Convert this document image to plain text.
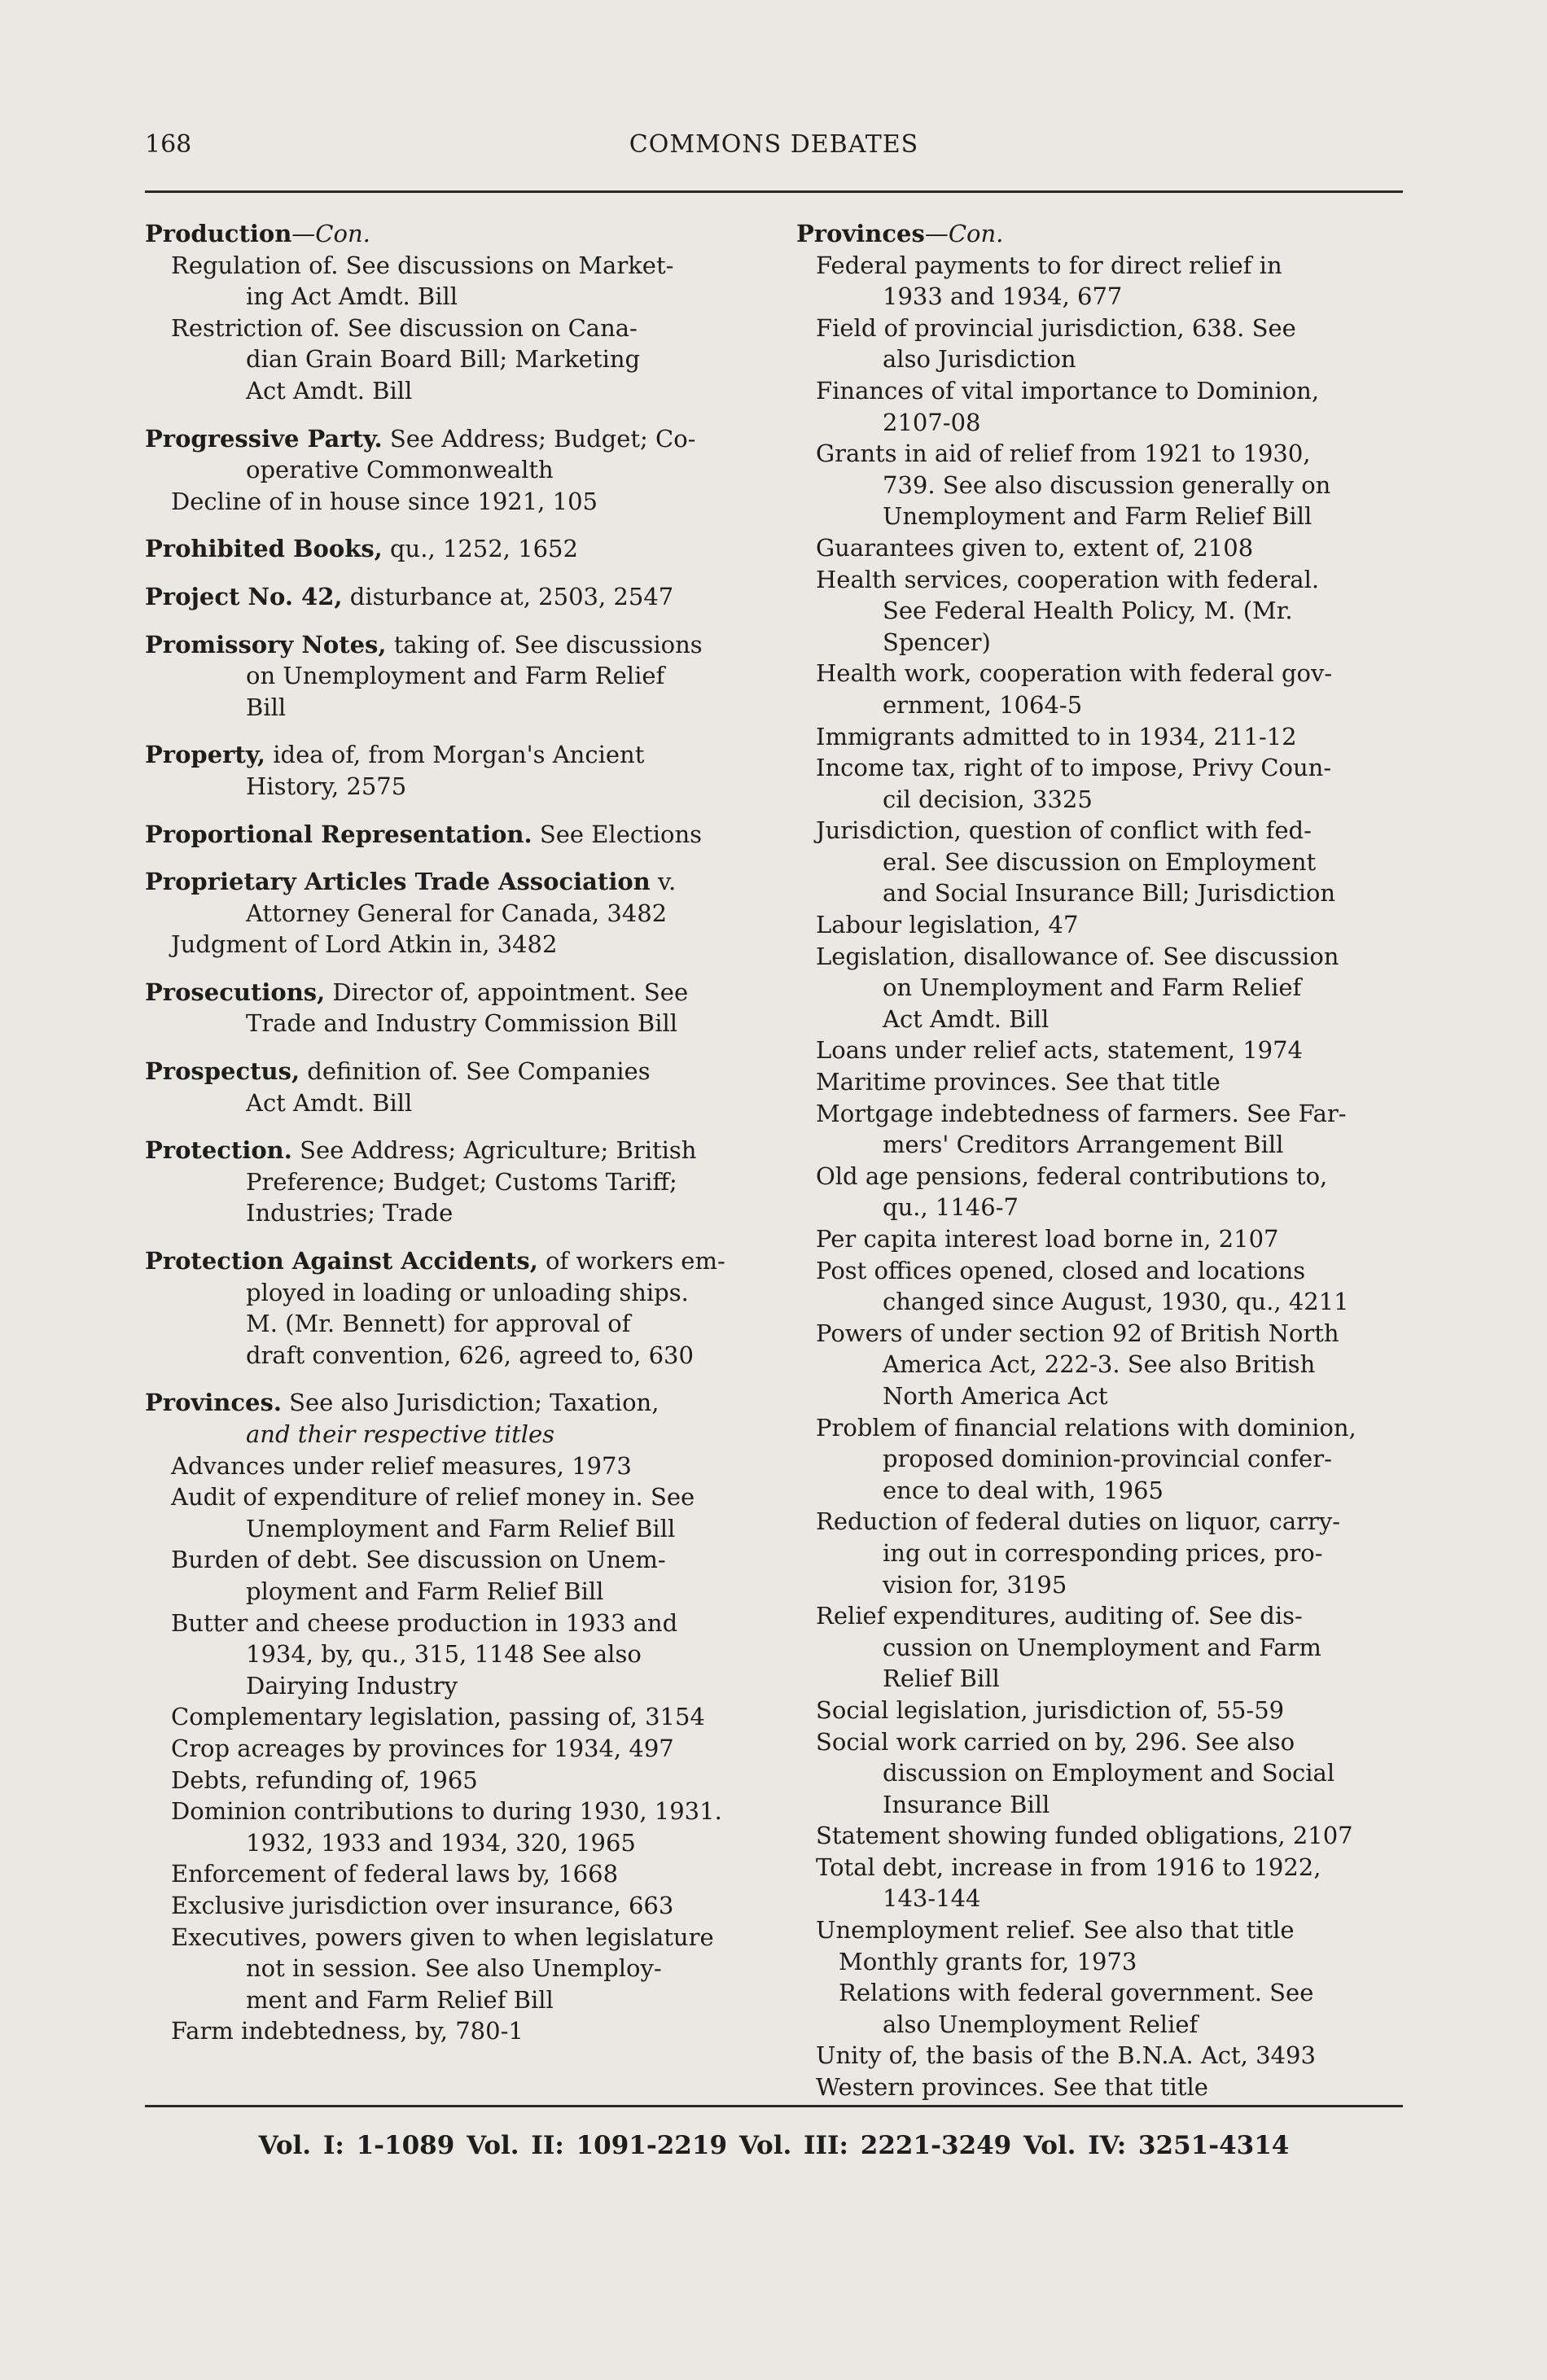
168	COMMONS DEBATES
Production—Con.
Regulation of. See discussions on Market-
ing Act Amdt. Bill
Restriction of. See discussion on Cana-
dian Grain Board Bill; Marketing
Act Amdt. Bill
Progressive Party. See Address; Budget; Co-
operative Commonwealth
Decline of in house since 1921, 105
Prohibited Books, qu., 1252, 1652
Project No. 42, disturbance at, 2503, 2547
Promissory Notes, taking of. See discussions
on Unemployment and Farm Relief
Bill
Property, idea of, from Morgan's Ancient
History, 2575
Proportional Representation. See Elections
Proprietary Articles Trade Association v.
Attorney General for Canada, 3482
Judgment of Lord Atkin in, 3482
Prosecutions, Director of, appointment. See
Trade and Industry Commission Bill
Prospectus, definition of. See Companies
Act Amdt. Bill
Protection. See Address; Agriculture; British
Preference; Budget; Customs Tariff;
Industries; Trade
Protection Against Accidents, of workers em-
ployed in loading or unloading ships.
M. (Mr. Bennett) for approval of
draft convention, 626, agreed to, 630
Provinces. See also Jurisdiction; Taxation,
and their respective titles
Advances under relief measures, 1973
Audit of expenditure of relief money in. See
Unemployment and Farm Relief Bill
Burden of debt. See discussion on Unem-
ployment and Farm Relief Bill
Butter and cheese production in 1933 and
1934, by, qu., 315, 1148 See also
Dairying Industry
Complementary legislation, passing of, 3154
Crop acreages by provinces for 1934, 497
Debts, refunding of, 1965
Dominion contributions to during 1930, 1931.
1932, 1933 and 1934, 320, 1965
Enforcement of federal laws by, 1668
Exclusive jurisdiction over insurance, 663
Executives, powers given to when legislature
not in session. See also Unemploy-
ment and Farm Relief Bill
Farm indebtedness, by, 780-1
Provinces—Con.
Federal payments to for direct relief in
1933 and 1934, 677
Field of provincial jurisdiction, 638. See
also Jurisdiction
Finances of vital importance to Dominion,
2107-08
Grants in aid of relief from 1921 to 1930,
739. See also discussion generally on
Unemployment and Farm Relief Bill
Guarantees given to, extent of, 2108
Health services, cooperation with federal.
See Federal Health Policy, M. (Mr.
Spencer)
Health work, cooperation with federal gov-
ernment, 1064-5
Immigrants admitted to in 1934, 211-12
Income tax, right of to impose, Privy Coun-
cil decision, 3325
Jurisdiction, question of conflict with fed-
eral. See discussion on Employment
and Social Insurance Bill; Jurisdiction
Labour legislation, 47
Legislation, disallowance of. See discussion
on Unemployment and Farm Relief
Act Amdt. Bill
Loans under relief acts, statement, 1974
Maritime provinces. See that title
Mortgage indebtedness of farmers. See Far-
mers' Creditors Arrangement Bill
Old age pensions, federal contributions to,
qu., 1146-7
Per capita interest load borne in, 2107
Post offices opened, closed and locations
changed since August, 1930, qu., 4211
Powers of under section 92 of British North
America Act, 222-3. See also British
North America Act
Problem of financial relations with dominion,
proposed dominion-provincial confer-
ence to deal with, 1965
Reduction of federal duties on liquor, carry-
ing out in corresponding prices, pro-
vision for, 3195
Relief expenditures, auditing of. See dis-
cussion on Unemployment and Farm
Relief Bill
Social legislation, jurisdiction of, 55-59
Social work carried on by, 296. See also
discussion on Employment and Social
Insurance Bill
Statement showing funded obligations, 2107
Total debt, increase in from 1916 to 1922,
143-144
Unemployment relief. See also that title
Monthly grants for, 1973
Relations with federal government. See
also Unemployment Relief
Unity of, the basis of the B.N.A. Act, 3493
Western provinces. See that title
Vol. I: 1-1089 Vol. II: 1091-2219 Vol. III: 2221-3249 Vol. IV: 3251-4314
